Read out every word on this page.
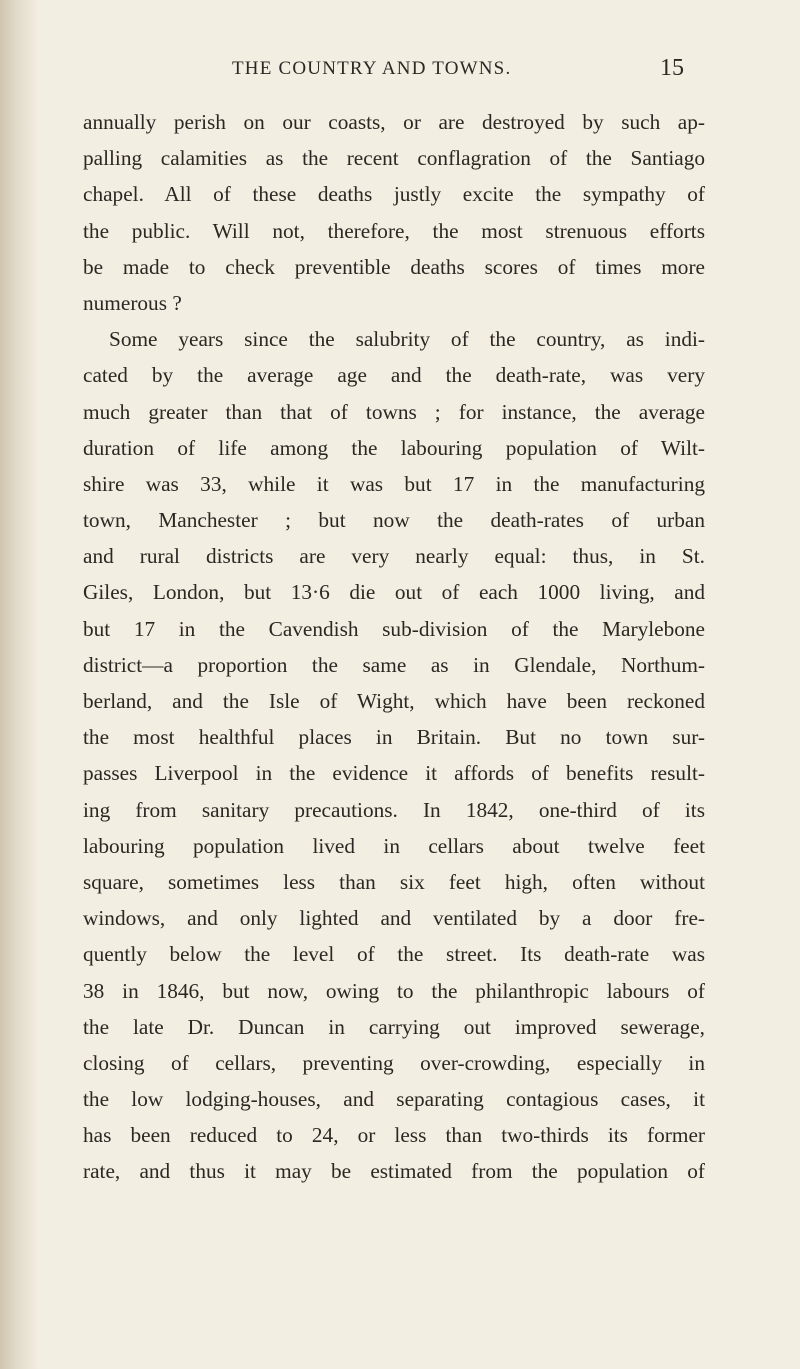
THE COUNTRY AND TOWNS.	15
annually perish on our coasts, or are destroyed by such ap-
palling calamities as the recent conflagration of the Santiago
chapel. All of these deaths justly excite the sympathy of
the public. Will not, therefore, the most strenuous efforts
be made to check preventible deaths scores of times more
numerous ?
Some years since the salubrity of the country, as indi-
cated by the average age and the death-rate, was very
much greater than that of towns ; for instance, the average
duration of life among the labouring population of Wilt-
shire was 33, while it was but 17 in the manufacturing
town, Manchester ; but now the death-rates of urban
and rural districts are very nearly equal: thus, in St.
Giles, London, but 13·6 die out of each 1000 living, and
but 17 in the Cavendish sub-division of the Marylebone
district—a proportion the same as in Glendale, Northum-
berland, and the Isle of Wight, which have been reckoned
the most healthful places in Britain. But no town sur-
passes Liverpool in the evidence it affords of benefits result-
ing from sanitary precautions. In 1842, one-third of its
labouring population lived in cellars about twelve feet
square, sometimes less than six feet high, often without
windows, and only lighted and ventilated by a door fre-
quently below the level of the street. Its death-rate was
38 in 1846, but now, owing to the philanthropic labours of
the late Dr. Duncan in carrying out improved sewerage,
closing of cellars, preventing over-crowding, especially in
the low lodging-houses, and separating contagious cases, it
has been reduced to 24, or less than two-thirds its former
rate, and thus it may be estimated from the population of
